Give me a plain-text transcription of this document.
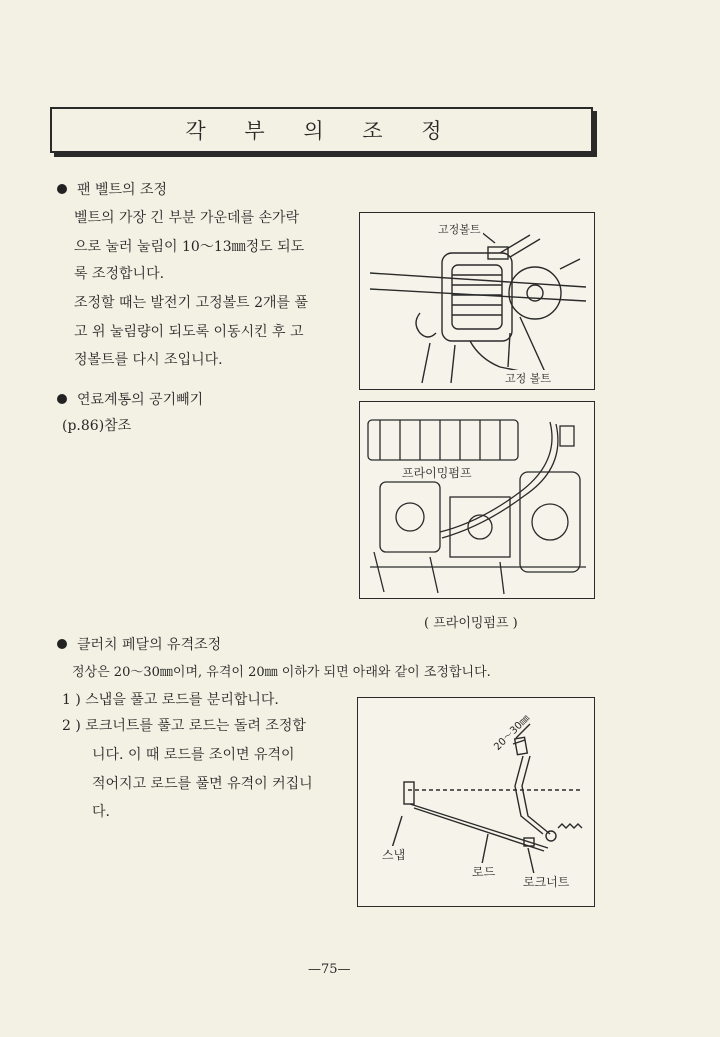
각 부 의 조 정
팬 벨트의 조정
벨트의 가장 긴 부분 가운데를 손가락
으로 눌러 눌림이 10～13㎜정도 되도
록 조정합니다.
조정할 때는 발전기 고정볼트 2개를 풀
고 위 눌림량이 되도록 이동시킨 후 고
정볼트를 다시 조입니다.
고정볼트
고정 볼트
연료계통의 공기빼기
(p.86)참조
프라이밍펌프
( 프라이밍펌프 )
클러치 페달의 유격조정
정상은 20～30㎜이며, 유격이 20㎜ 이하가 되면 아래와 같이 조정합니다.
1 ) 스냅을 풀고 로드를 분리합니다.
2 ) 로크너트를 풀고 로드는 돌려 조정합
니다. 이 때 로드를 조이면 유격이
적어지고 로드를 풀면 유격이 커집니
다.
20～30㎜
스냅
로드
로크너트
—75—
